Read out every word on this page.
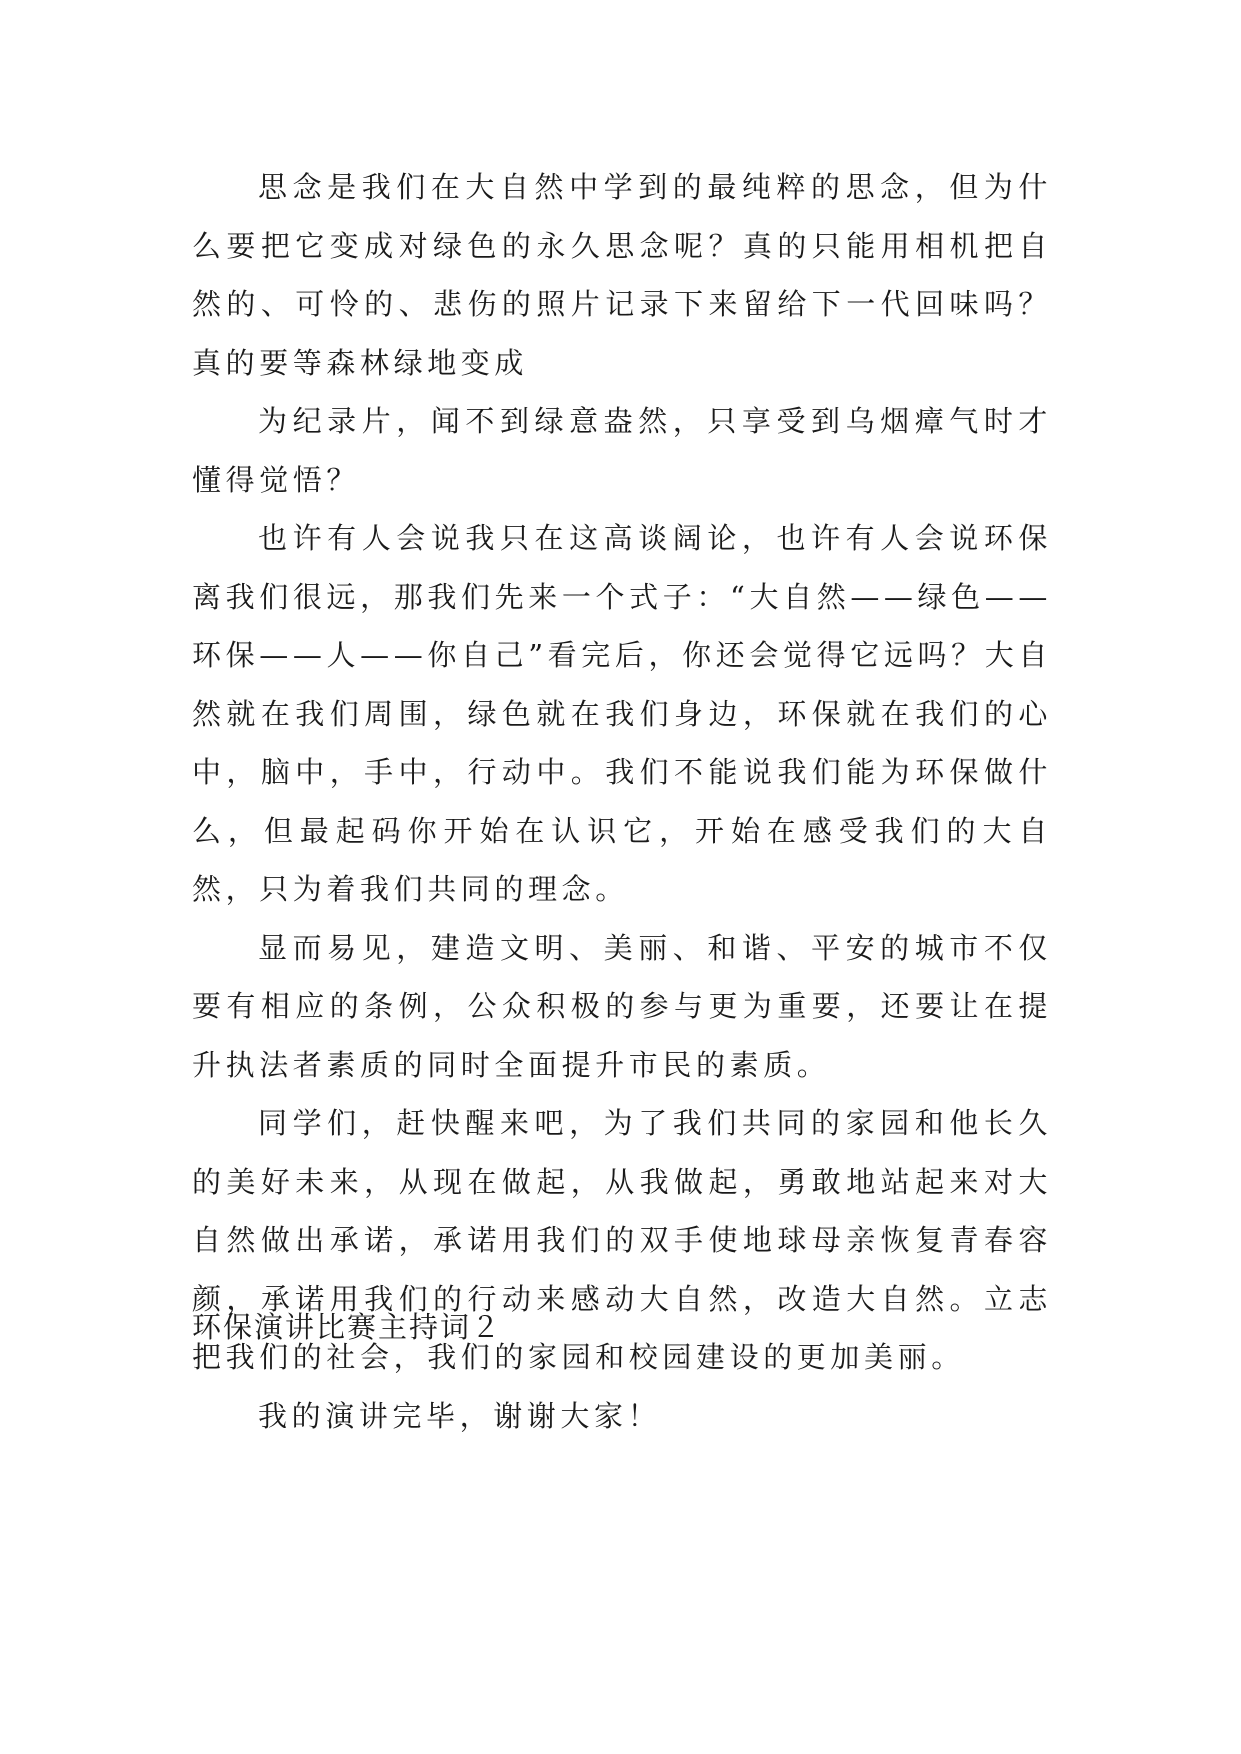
思念是我们在大自然中学到的最纯粹的思念，但为什么要把它变成对绿色的永久思念呢？真的只能用相机把自然的、可怜的、悲伤的照片记录下来留给下一代回味吗？真的要等森林绿地变成

为纪录片，闻不到绿意盎然，只享受到乌烟瘴气时才懂得觉悟？

也许有人会说我只在这高谈阔论，也许有人会说环保离我们很远，那我们先来一个式子：“大自然——绿色——环保——人——你自己”看完后，你还会觉得它远吗？大自然就在我们周围，绿色就在我们身边，环保就在我们的心中，脑中，手中，行动中。我们不能说我们能为环保做什么，但最起码你开始在认识它，开始在感受我们的大自然，只为着我们共同的理念。

显而易见，建造文明、美丽、和谐、平安的城市不仅要有相应的条例，公众积极的参与更为重要，还要让在提升执法者素质的同时全面提升市民的素质。

同学们，赶快醒来吧，为了我们共同的家园和他长久的美好未来，从现在做起，从我做起，勇敢地站起来对大自然做出承诺，承诺用我们的双手使地球母亲恢复青春容颜，承诺用我们的行动来感动大自然，改造大自然。立志把我们的社会，我们的家园和校园建设的更加美丽。

我的演讲完毕，谢谢大家！

环保演讲比赛主持词２
